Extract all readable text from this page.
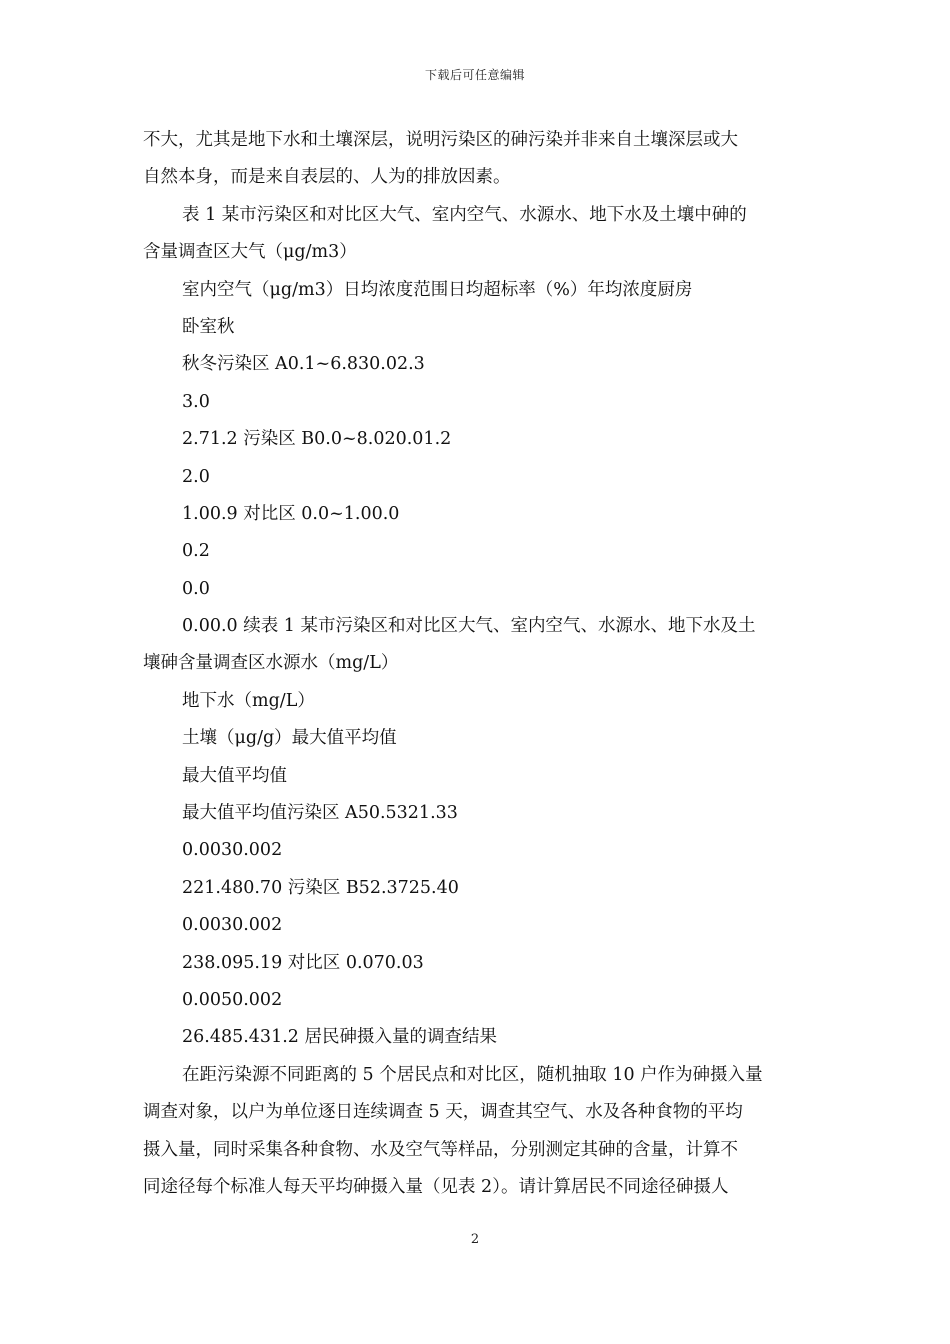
下载后可任意编辑
不大，尤其是地下水和土壤深层，说明污染区的砷污染并非来自土壤深层或大
自然本身，而是来自表层的、人为的排放因素。
表 1 某市污染区和对比区大气、室内空气、水源水、地下水及土壤中砷的
含量调查区大气（μg/m3）
室内空气（μg/m3）日均浓度范围日均超标率（%）年均浓度厨房
卧室秋
秋冬污染区 A0.1~6.830.02.3
3.0
2.71.2 污染区 B0.0~8.020.01.2
2.0
1.00.9 对比区 0.0~1.00.0
0.2
0.0
0.00.0 续表 1 某市污染区和对比区大气、室内空气、水源水、地下水及土
壤砷含量调查区水源水（mg/L）
地下水（mg/L）
土壤（μg/g）最大值平均值
最大值平均值
最大值平均值污染区 A50.5321.33
0.0030.002
221.480.70 污染区 B52.3725.40
0.0030.002
238.095.19 对比区 0.070.03
0.0050.002
26.485.431.2 居民砷摄入量的调查结果
在距污染源不同距离的 5 个居民点和对比区，随机抽取 10 户作为砷摄入量
调查对象，以户为单位逐日连续调查 5 天，调查其空气、水及各种食物的平均
摄入量，同时采集各种食物、水及空气等样品，分别测定其砷的含量，计算不
同途径每个标准人每天平均砷摄入量（见表 2）。请计算居民不同途径砷摄人
2
